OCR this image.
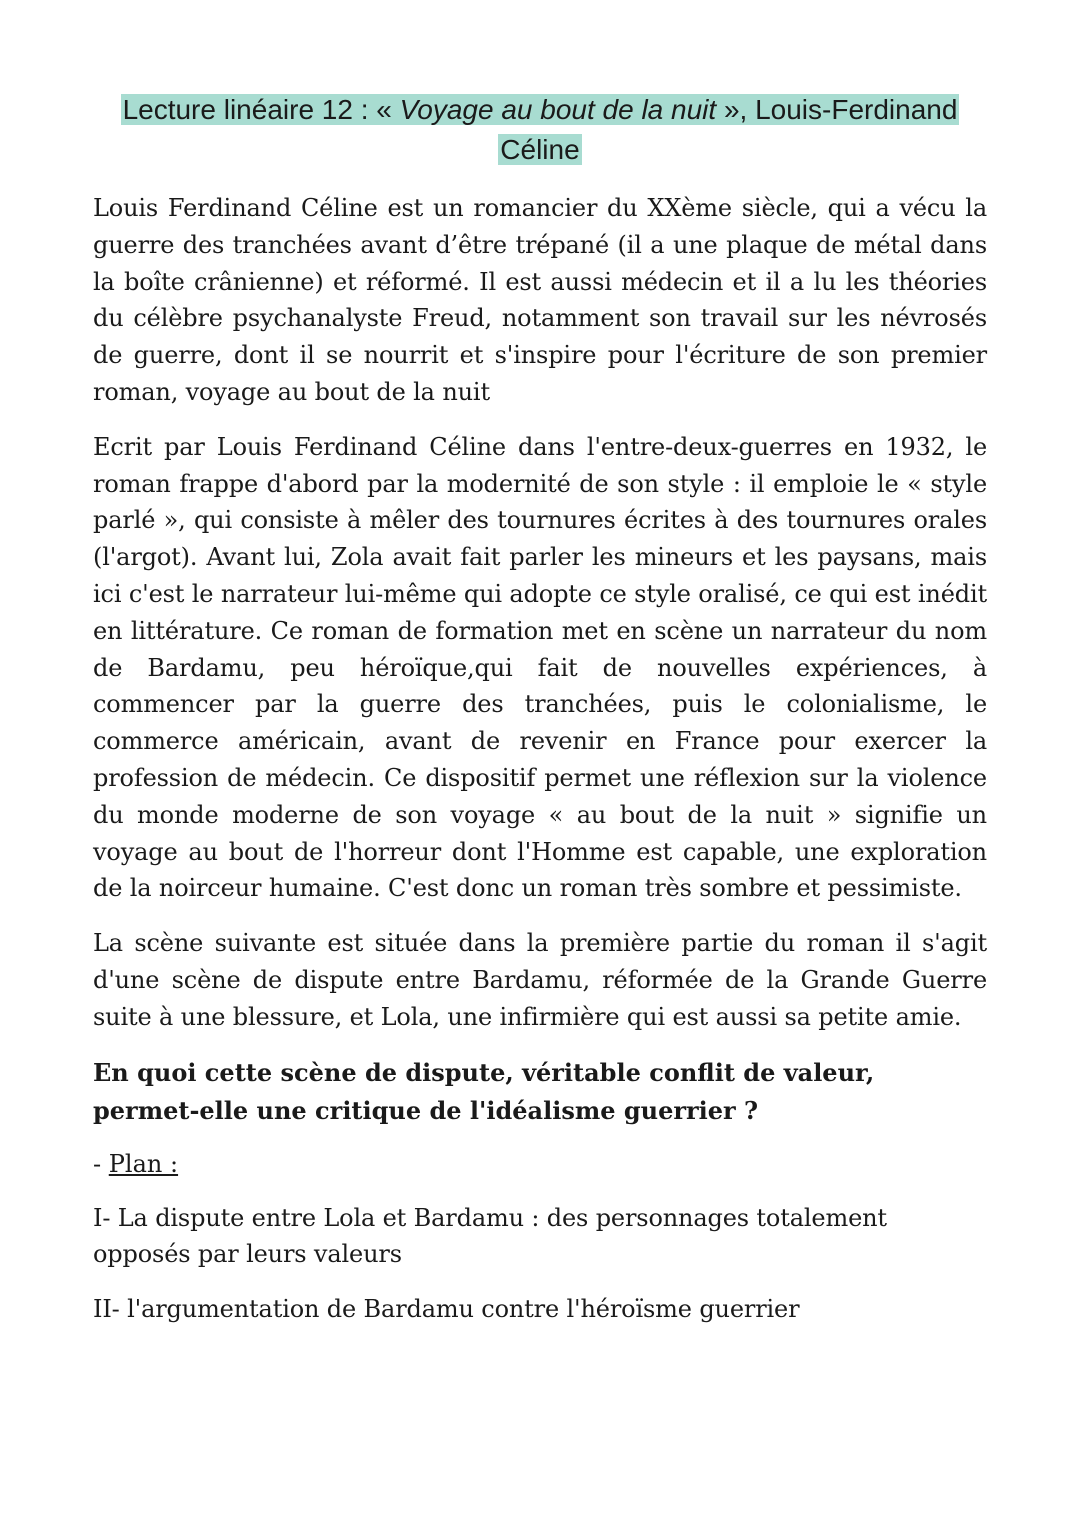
Lecture linéaire 12 : « Voyage au bout de la nuit », Louis-Ferdinand Céline

Louis Ferdinand Céline est un romancier du XXème siècle, qui a vécu la guerre des tranchées avant d’être trépané (il a une plaque de métal dans la boîte crânienne) et réformé. Il est aussi médecin et il a lu les théories du célèbre psychanalyste Freud, notamment son travail sur les névrosés de guerre, dont il se nourrit et s'inspire pour l'écriture de son premier roman, voyage au bout de la nuit

Ecrit par Louis Ferdinand Céline dans l'entre-deux-guerres en 1932, le roman frappe d'abord par la modernité de son style : il emploie le « style parlé », qui consiste à mêler des tournures écrites à des tournures orales (l'argot). Avant lui, Zola avait fait parler les mineurs et les paysans, mais ici c'est le narrateur lui-même qui adopte ce style oralisé, ce qui est inédit en littérature. Ce roman de formation met en scène un narrateur du nom de Bardamu, peu héroïque,qui fait de nouvelles expériences, à commencer par la guerre des tranchées, puis le colonialisme, le commerce américain, avant de revenir en France pour exercer la profession de médecin. Ce dispositif permet une réflexion sur la violence du monde moderne de son voyage « au bout de la nuit » signifie un voyage au bout de l'horreur dont l'Homme est capable, une exploration de la noirceur humaine. C'est donc un roman très sombre et pessimiste.

La scène suivante est située dans la première partie du roman il s'agit d'une scène de dispute entre Bardamu, réformée de la Grande Guerre suite à une blessure, et Lola, une infirmière qui est aussi sa petite amie.

En quoi cette scène de dispute, véritable conflit de valeur, permet-elle une critique de l'idéalisme guerrier ?

- Plan :

I- La dispute entre Lola et Bardamu : des personnages totalement opposés par leurs valeurs

II- l'argumentation de Bardamu contre l'héroïsme guerrier
